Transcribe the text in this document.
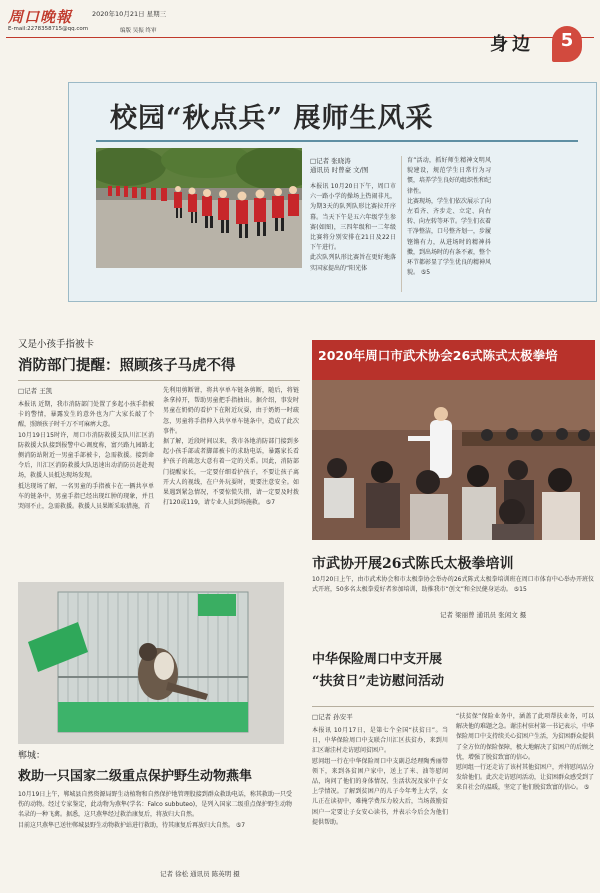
周口晚報	2020年10月21日 星期三
E-mail:2278358715@qq.com	编版 吴振 终审
身边	5
校园“秋点兵” 展师生风采
□记者 张晓涛
通讯员 时曾豪 文/图
本报讯 10月20日下午，周口市六一路小学的操场上热闹非凡，为期3天的队列队形比赛拉开序幕。当天下午是五六年级学生参赛(如图)，三四年级和一二年级比赛将分别安排在21日及22日下午进行。
此次队列队形比赛旨在更好地落实国家提出的“阳光体
育”活动，抓好师生精神文明风貌建设，规范学生日常行为习惯，培养学生良好的组织性和纪律性。
比赛现场，学生们依次展示了向左看齐、齐步走、立定、向右转、向左转等环节。学生们衣着干净整洁，口号整齐划一，步履铿锵有力，从进场时的精神抖擞，到出场时的有条不紊，整个环节都彰显了学生优良的精神风貌。 ⑤5
又是小孩手指被卡
消防部门提醒：照顾孩子马虎不得
□记者 王凯
本报讯 近期，我市消防部门处置了多起小孩手指被卡的警情，暴露发生的意外也为广大家长敲了个醒，照顾孩子时千万不可麻痹大意。
10月19日15时许，周口市消防救援支队川汇区消防救援大队接到报警中心调度称，富兴路九园路北侧消防站附近一男童手部被卡，急需救援。接到命令后，川汇区消防救援大队迅速出动消防员赶赴现场，救援人员抵达现场发现。
抵达现场了解，一名男童的手指被卡在一辆共享单车的链条中，男童手指已经出现红肿的现象，并且哭闹不止，急需救援。救援人员果断采取措施，首
先利用剪断钳，将共享单车链条剪断，随后，将链条拿掉开，帮助男童把手指抽出。据介绍，事发时男童在奶奶的看护下在附近玩耍，由于奶奶一时疏忽，男童将手指伸入共享单车链条中，造成了此次事件。
据了解，近段时间以来，我市各地消防部门接到多起小孩手部或者脚部被卡的求助电话，暴露家长看护孩子的疏忽大意有着一定的关系。因此，消防部门提醒家长，一定要仔细看护孩子，不要让孩子离开大人的视线，在户外玩耍时，更要注意安全。如果遇到紧急情况，不要惊慌失措，请一定要及时拨打120或119，请专业人员到场施救。 ⑤7
2020年周口市武术协会26式陈式太极拳培
市武协开展26式陈氏太极拳培训
10月20日上午，由市武术协会和市太极拳协会举办的26式陈式太极拳培训班在周口市体育中心举办开班仪式开班，50多名太极拳爱好者参加培训，助推我市“创文”和全民健身运动。 ⑤15
记者 梁丽曾 通讯员 张闲文 摄
郸城：
救助一只国家二级重点保护野生动物燕隼
10月19日上午，郸城县自然资源局野生动植物和自然保护地管理股接到群众救助电话，称其救助一只受伤的动物。经过专家鉴定，此动物为燕隼(学名：Falco subbuteo)，是列入国家二级重点保护野生动物名录的一种飞禽。据悉，这只燕隼经过救治康复后，将放归大自然。
目前这只燕隼已送往郸城县野生动物救护站进行救助，待其康复后再放归大自然。 ⑤7
记者 徐松 通讯员 陈英明 摄
中华保险周口中支开展
“扶贫日”走访慰问活动
□记者 孙安平
本报讯 10月17日，是第七个全国“扶贫日”。当日，中华保险周口中支联合川汇区扶贫办，来到川汇区谢洼村走访慰问贫困户。
慰问组一行在中华保险周口中支副总经理陶秀丽带领下，来到各贫困户家中，送上了米、油等慰问品，询问了他们的身体情况、生活状况及家中子女上学情况。了解到贫困户的儿子今年考上大学，女儿正在读初中，难掩学费压力较大后，当场鼓励贫困户一定要让子女安心读书，并表示今后会为他们提供帮助。
“扶贫保”保险业务中，涵盖了此项帮扶业务，可以解决他的难题之急。谢洼村驻村第一书记表示，中华保险周口中支持续关心贫困户生活，为贫困群众提供了全方位的保险保障，极大地解决了贫困户的后顾之忧，增强了脱贫致富的信心。
慰问组一行还走访了该村其他贫困户，并将慰问品分发给他们。此次走访慰问活动，让贫困群众感受到了来自社会的温暖，坚定了他们脱贫致富的信心。 ⑤
